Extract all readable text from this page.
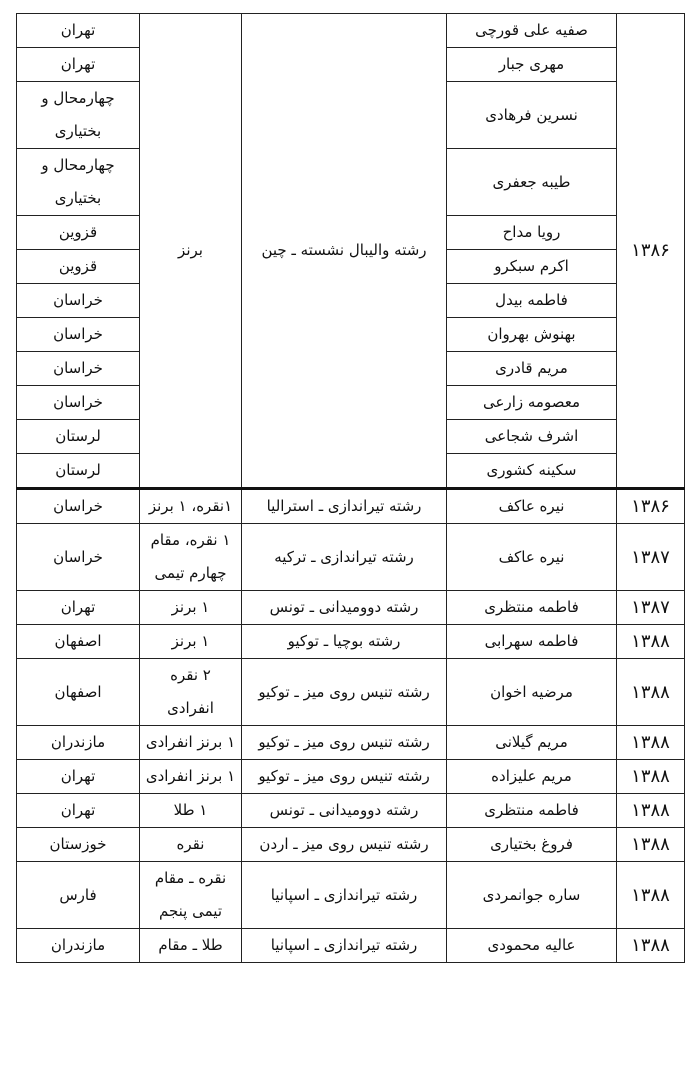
۱۳۸۶	صفیه علی قورچی	رشته والیبال نشسته ـ چین	برنز	تهران
	مهری جبار			تهران
	نسرین فرهادی			چهارمحال و بختیاری
	طیبه جعفری			چهارمحال و بختیاری
	رویا مداح			قزوین
	اکرم سبکرو			قزوین
	فاطمه بیدل			خراسان
	بهنوش بهروان			خراسان
	مریم قادری			خراسان
	معصومه زارعی			خراسان
	اشرف شجاعی			لرستان
	سکینه کشوری			لرستان
۱۳۸۶	نیره عاکف	رشته تیراندازی ـ استرالیا	۱نقره، ۱ برنز	خراسان
۱۳۸۷	نیره عاکف	رشته تیراندازی ـ ترکیه	۱ نقره، مقام چهارم تیمی	خراسان
۱۳۸۷	فاطمه منتظری	رشته دوومیدانی ـ تونس	۱ برنز	تهران
۱۳۸۸	فاطمه سهرابی	رشته بوچیا ـ توکیو	۱ برنز	اصفهان
۱۳۸۸	مرضیه اخوان	رشته تنیس روی میز ـ توکیو	۲ نقره انفرادی	اصفهان
۱۳۸۸	مریم گیلانی	رشته تنیس روی میز ـ توکیو	۱ برنز انفرادی	مازندران
۱۳۸۸	مریم علیزاده	رشته تنیس روی میز ـ توکیو	۱ برنز انفرادی	تهران
۱۳۸۸	فاطمه منتظری	رشته دوومیدانی ـ تونس	۱ طلا	تهران
۱۳۸۸	فروغ بختیاری	رشته تنیس روی میز ـ اردن	نقره	خوزستان
۱۳۸۸	ساره جوانمردی	رشته تیراندازی ـ اسپانیا	نقره ـ مقام تیمی پنجم	فارس
۱۳۸۸	عالیه محمودی	رشته تیراندازی ـ اسپانیا	طلا ـ مقام	مازندران
